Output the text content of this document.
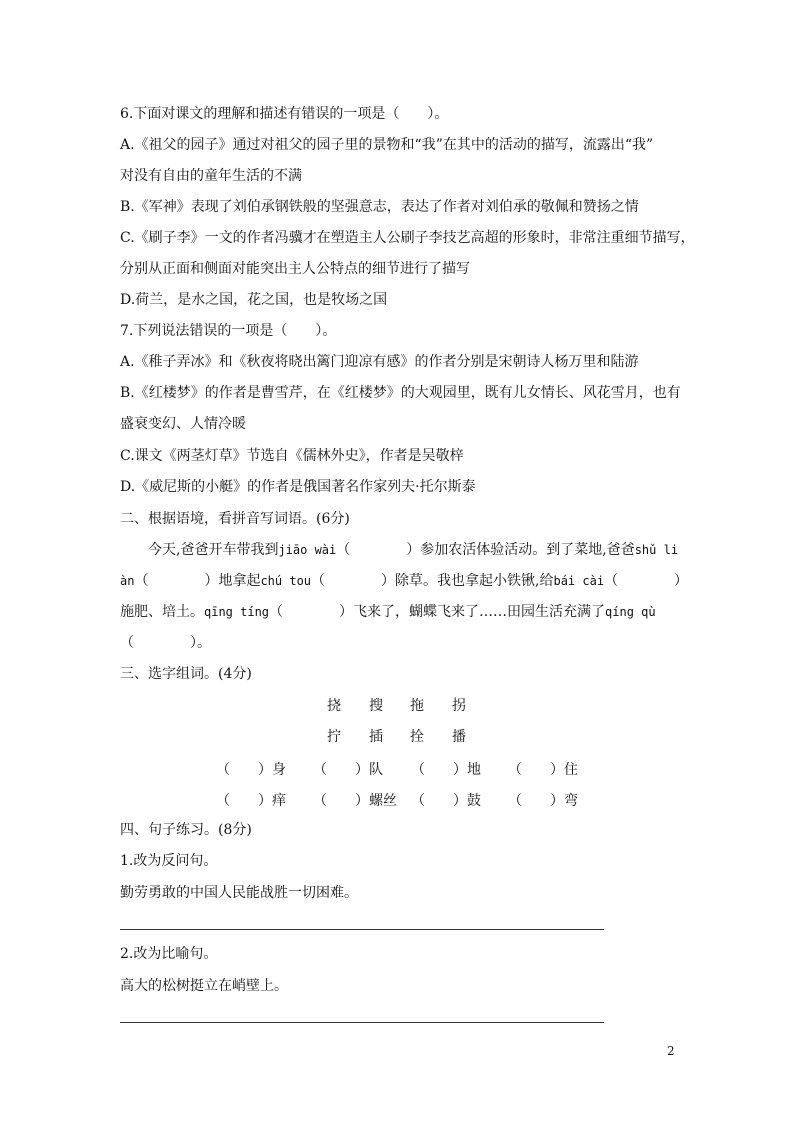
6.下面对课文的理解和描述有错误的一项是（　　）。
A.《祖父的园子》通过对祖父的园子里的景物和“我”在其中的活动的描写，流露出“我”
对没有自由的童年生活的不满
B.《军神》表现了刘伯承钢铁般的坚强意志，表达了作者对刘伯承的敬佩和赞扬之情
C.《刷子李》一文的作者冯骥才在塑造主人公刷子李技艺高超的形象时，非常注重细节描写，
分别从正面和侧面对能突出主人公特点的细节进行了描写
D.荷兰，是水之国，花之国，也是牧场之国
7.下列说法错误的一项是（　　）。
A.《稚子弄冰》和《秋夜将晓出篱门迎凉有感》的作者分别是宋朝诗人杨万里和陆游
B.《红楼梦》的作者是曹雪芹，在《红楼梦》的大观园里，既有儿女情长、风花雪月，也有
盛衰变幻、人情冷暖
C.课文《两茎灯草》节选自《儒林外史》，作者是吴敬梓
D.《威尼斯的小艇》的作者是俄国著名作家列夫·托尔斯泰
二、根据语境，看拼音写词语。(6分)
今天,爸爸开车带我到jiāo wài（　　　　）参加农活体验活动。到了菜地,爸爸shǔ li
àn（　　　　）地拿起chú tou（　　　　）除草。我也拿起小铁锹,给bái cài（　　　　）
施肥、培土。qīng tíng（　　　　）飞来了，蝴蝶飞来了……田园生活充满了qíng qù
（　　　　）。
三、选字组词。(4分)
挠 搜 拖 拐
拧 插 拴 播
（　　）身 （　　）队 （　　）地 （　　）住
（　　）痒 （　　）螺丝 （　　）鼓 （　　）弯
四、句子练习。(8分)
1.改为反问句。
勤劳勇敢的中国人民能战胜一切困难。
2.改为比喻句。
高大的松树挺立在峭壁上。
2
